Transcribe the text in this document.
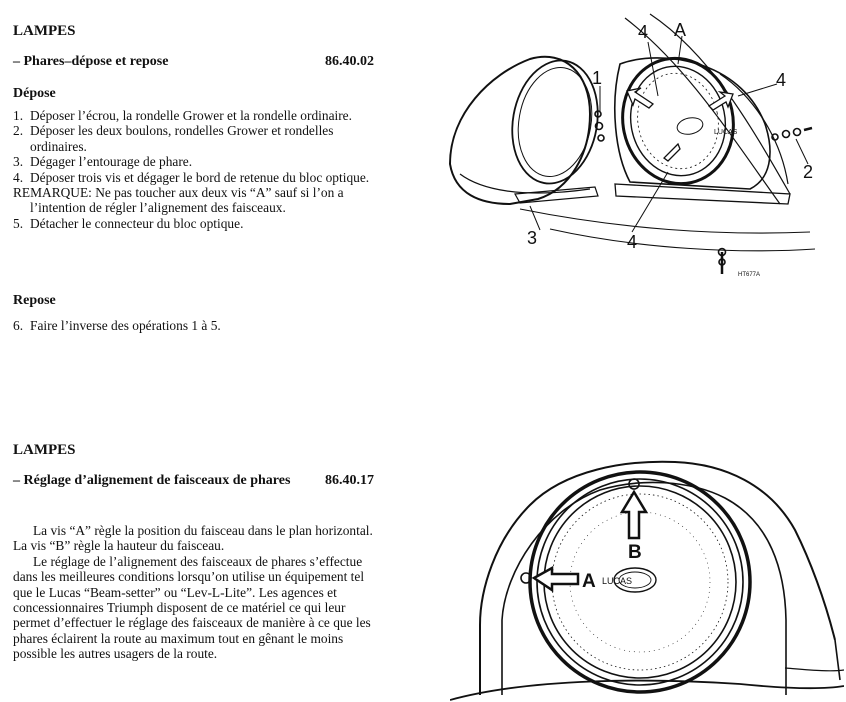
LAMPES
– Phares–dépose et repose	86.40.02
Dépose
1. Déposer l’écrou, la rondelle Grower et la rondelle ordinaire.
2. Déposer les deux boulons, rondelles Grower et rondelles ordinaires.
3. Dégager l’entourage de phare.
4. Déposer trois vis et dégager le bord de retenue du bloc optique.
REMARQUE: Ne pas toucher aux deux vis “A” sauf si l’on a l’intention de régler l’alignement des faisceaux.
5. Détacher le connecteur du bloc optique.
Repose
6. Faire l’inverse des opérations 1 à 5.
LAMPES
– Réglage d’alignement de faisceaux de phares 86.40.17

La vis “A” règle la position du faisceau dans le plan horizontal. La vis “B” règle la hauteur du faisceau.

Le réglage de l’alignement des faisceaux de phares s’effectue dans les meilleures conditions lorsqu’on utilise un équipement tel que le Lucas “Beam-setter” ou “Lev-L-Lite”. Les agences et concessionnaires Triumph disposent de ce matériel ce qui leur permet d’effectuer le réglage des faisceaux de manière à ce que les phares éclairent la route au maximum tout en gênant le moins possible les autres usagers de la route.

LUCAS
4 A
1	4
2
3	4
HT677A
LUCAS
B
A
